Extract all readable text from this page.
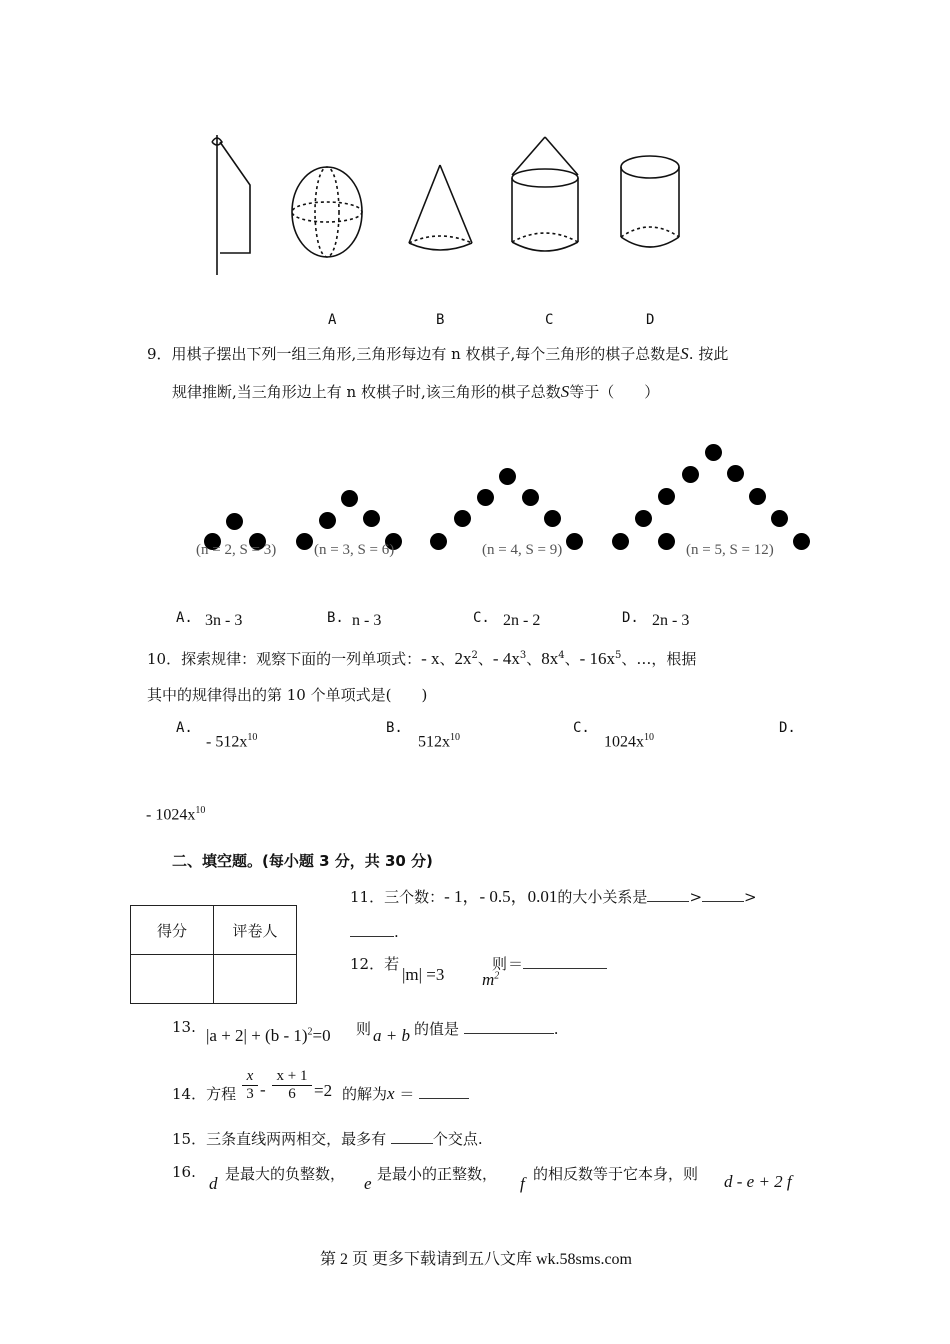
A	B	C	D
9．用棋子摆出下列一组三角形,三角形每边有 n 枚棋子,每个三角形的棋子总数是S. 按此
规律推断,当三角形边上有 n 枚棋子时,该三角形的棋子总数S等于（　　）
(n = 2, S = 3)	(n = 3, S = 6)	(n = 4, S = 9)	(n = 5, S = 12)
A. 3n - 3	B. n - 3	C. 2n - 2	D. 2n - 3
10．探索规律：观察下面的一列单项式：- x、$2x^2$、- $4x^3$、$8x^4$、- $16x^5$、…，根据
其中的规律得出的第 10 个单项式是(　　)
A.
- $512x^{10}$
B.
$512x^{10}$
C.
$1024x^{10}$
D.
- $1024x^{10}$
二、填空题。(每小题 3 分，共 30 分)
得分	评卷人

11．三个数：- 1，- 0.5，0.01的大小关系是	>	>
.
12．若
|m| =3
则
$m^2$
＝
13. |a + 2| + (b - 1)$^2$=0 则 a + b 的值是	.
14．方程 $\frac{x}{3} - \frac{x + 1}{6} =2$ 的解为x ＝
15．三条直线两两相交，最多有	个交点.
16.
d 是最大的负整数， e 是最小的正整数， f 的相反数等于它本身，则 d - e + 2 f
第 2 页 更多下载请到五八文库 wk.58sms.com
